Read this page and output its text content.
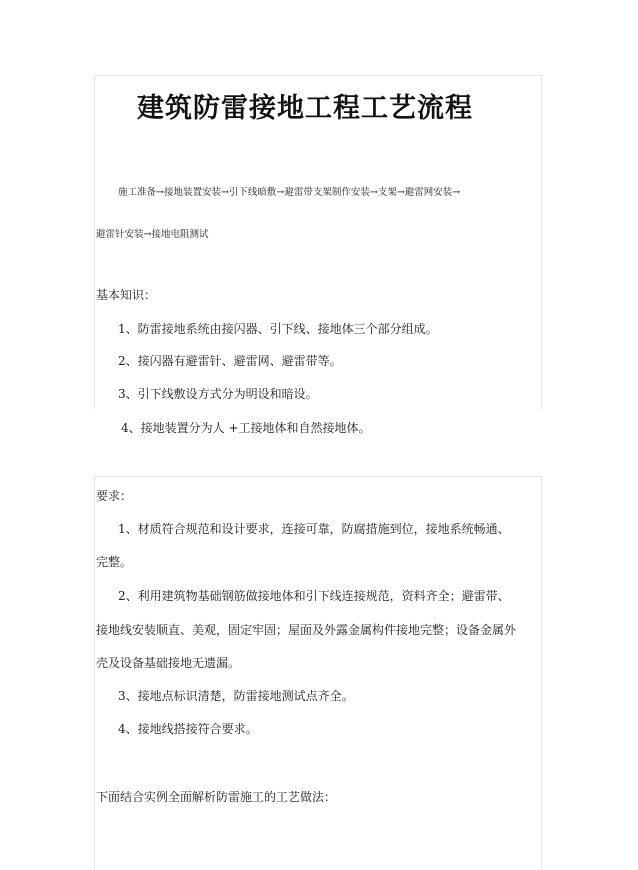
建筑防雷接地工程工艺流程

施工准备→接地装置安装→引下线暗敷→避雷带支架制作安装→支架→避雷网安装→

避雷针安装→接地电阻测试

基本知识：

1、防雷接地系统由接闪器、引下线、接地体三个部分组成。

2、接闪器有避雷针、避雷网、避雷带等。

3、引下线敷设方式分为明设和暗设。

4、接地装置分为人 +工接地体和自然接地体。

要求：

1、材质符合规范和设计要求，连接可靠，防腐措施到位，接地系统畅通、

完整。

2、利用建筑物基础钢筋做接地体和引下线连接规范，资料齐全；避雷带、

接地线安装顺直、美观，固定牢固；屋面及外露金属构件接地完整；设备金属外

壳及设备基础接地无遗漏。

3、接地点标识清楚，防雷接地测试点齐全。

4、接地线搭接符合要求。

下面结合实例全面解析防雷施工的工艺做法：
